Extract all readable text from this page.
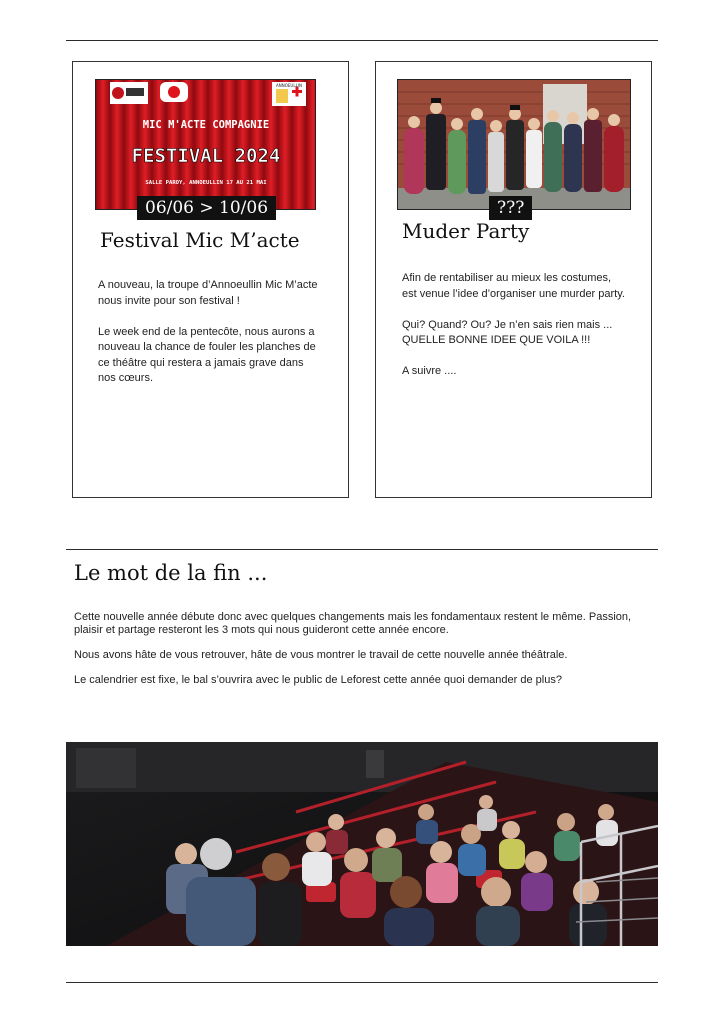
ANNOEULLIN
MIC M'ACTE COMPAGNIE
FESTIVAL 2024
SALLE PAROY, ANNOEULLIN 17 AU 21 MAI
06/06 > 10/06
Festival Mic M’acte

A nouveau, la troupe d’Annoeullin Mic M’acte nous invite pour son festival !

Le week end de la pentecôte, nous aurons a nouveau la chance de fouler les planches de ce théâtre qui restera a jamais grave dans nos cœurs.

???
Muder Party

Afin de rentabiliser au mieux les costumes, est venue l’idee d’organiser une murder party.

Qui? Quand? Ou? Je n’en sais rien mais ... QUELLE BONNE IDEE QUE VOILA !!!

A suivre ....

Le mot de la fin ...

Cette nouvelle année débute donc avec quelques changements mais les fondamentaux restent le même. Passion, plaisir et partage resteront les 3 mots qui nous guideront cette année encore.

Nous avons hâte de vous retrouver, hâte de vous montrer le travail de cette nouvelle année théâtrale.

Le calendrier est fixe, le bal s’ouvrira avec le public de Leforest cette année quoi demander de plus?
